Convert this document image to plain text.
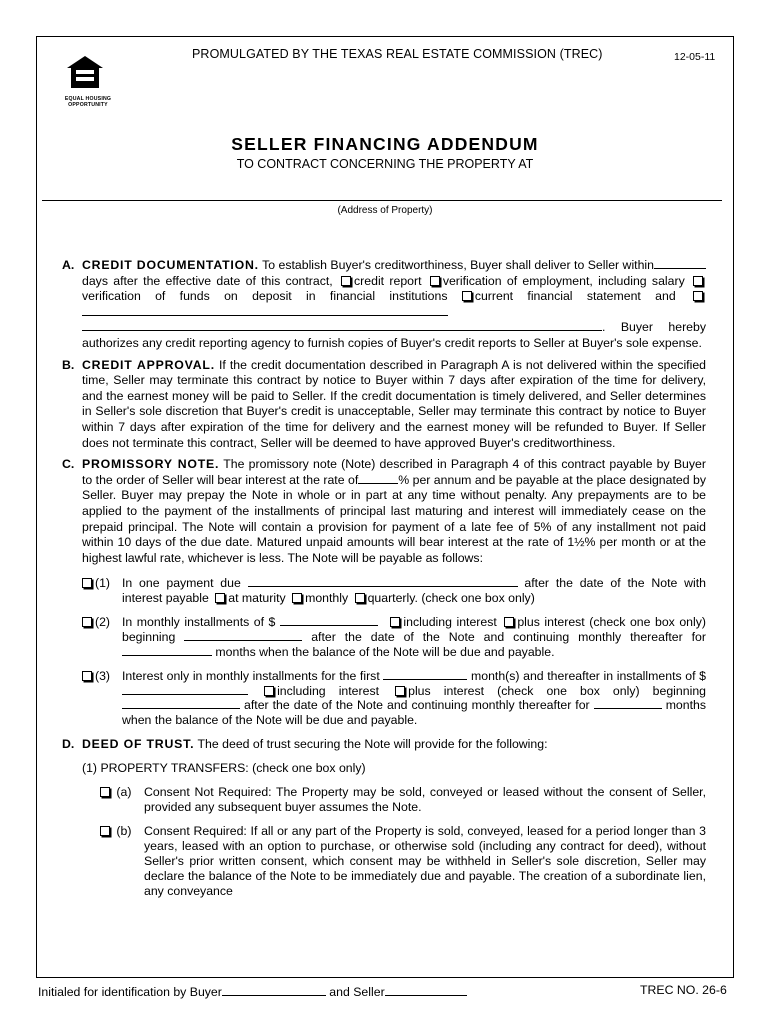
EQUAL HOUSING
OPPORTUNITY
PROMULGATED BY THE TEXAS REAL ESTATE COMMISSION (TREC)	12-05-11
SELLER FINANCING ADDENDUM
TO CONTRACT CONCERNING THE PROPERTY AT
(Address of Property)
A. CREDIT DOCUMENTATION. To establish Buyer's creditworthiness, Buyer shall deliver to Seller withindays after the effective date of this contract, credit report verification of employment, including salary verification of funds on deposit in financial institutions current financial statement and  . Buyer hereby authorizes any credit reporting agency to furnish copies of Buyer's credit reports to Seller at Buyer's sole expense.
B. CREDIT APPROVAL. If the credit documentation described in Paragraph A is not delivered within the specified time, Seller may terminate this contract by notice to Buyer within 7 days after expiration of the time for delivery, and the earnest money will be paid to Seller. If the credit documentation is timely delivered, and Seller determines in Seller's sole discretion that Buyer's credit is unacceptable, Seller may terminate this contract by notice to Buyer within 7 days after expiration of the time for delivery and the earnest money will be refunded to Buyer. If Seller does not terminate this contract, Seller will be deemed to have approved Buyer's creditworthiness.
C. PROMISSORY NOTE. The promissory note (Note) described in Paragraph 4 of this contract payable by Buyer to the order of Seller will bear interest at the rate of	% per annum and be payable at the place designated by Seller. Buyer may prepay the Note in whole or in part at any time without penalty. Any prepayments are to be applied to the payment of the installments of principal last maturing and interest will immediately cease on the prepaid principal. The Note will contain a provision for payment of a late fee of 5% of any installment not paid within 10 days of the due date. Matured unpaid amounts will bear interest at the rate of 1½% per month or at the highest lawful rate, whichever is less. The Note will be payable as follows:
(1) In one payment due	after the date of the Note with interest payable at maturity monthly quarterly. (check one box only)
(2) In monthly installments of $	including interest plus interest (check one box only) beginning	after the date of the Note and continuing monthly thereafter for months when the balance of the Note will be due and payable.
(3) Interest only in monthly installments for the first	month(s) and thereafter in installments of $ including interest plus interest (check one box only) beginning  after the date of the Note and continuing monthly thereafter for	months when the balance of the Note will be due and payable.
D. DEED OF TRUST. The deed of trust securing the Note will provide for the following:
(1) PROPERTY TRANSFERS: (check one box only)
(a) Consent Not Required: The Property may be sold, conveyed or leased without the consent of Seller, provided any subsequent buyer assumes the Note.
(b) Consent Required: If all or any part of the Property is sold, conveyed, leased for a period longer than 3 years, leased with an option to purchase, or otherwise sold (including any contract for deed), without Seller's prior written consent, which consent may be withheld in Seller's sole discretion, Seller may declare the balance of the Note to be immediately due and payable. The creation of a subordinate lien, any conveyance
Initialed for identification by Buyer	and Seller	TREC NO. 26-6
